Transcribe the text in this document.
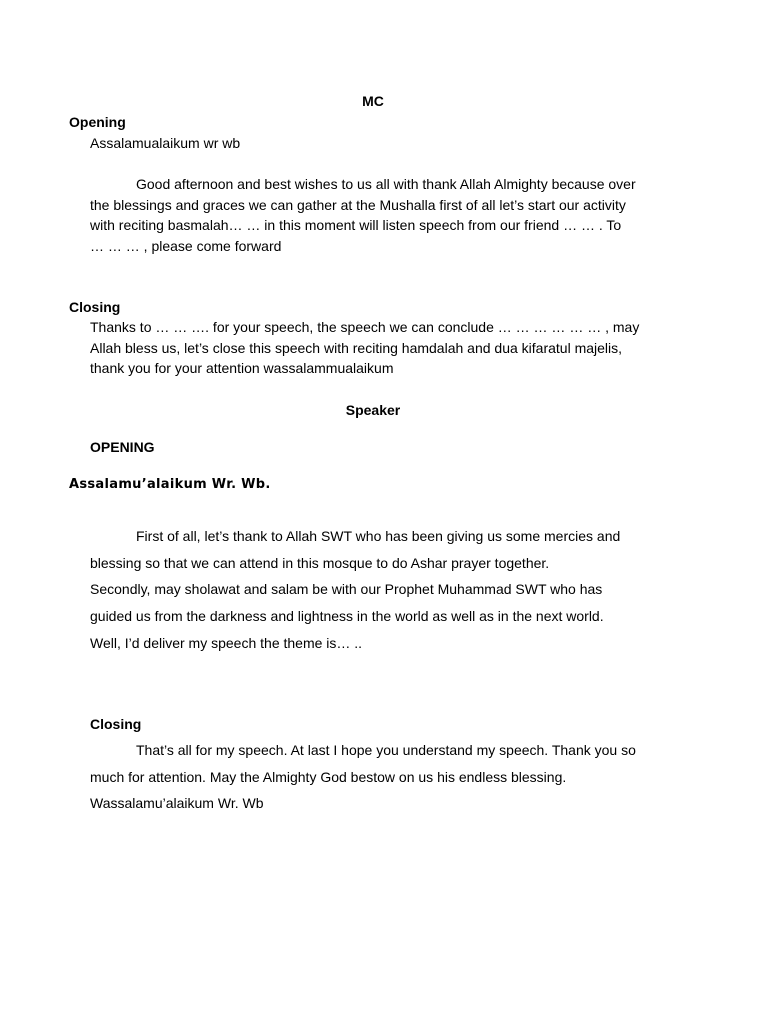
MC

Opening

Assalamualaikum wr wb

Good afternoon and best wishes to us all with thank Allah Almighty because over
the blessings and graces we can gather at the Mushalla first of all let’s start our activity
with reciting basmalah… … in this moment will listen speech from our friend … … . To
… … … , please come forward

Closing

Thanks to … … …. for your speech, the speech we can conclude … … … … … … , may
Allah bless us, let’s close this speech with reciting hamdalah and dua kifaratul majelis,
thank you for your attention wassalammualaikum

Speaker

OPENING

Assalamu’alaikum Wr. Wb.

First of all, let’s thank to Allah SWT who has been giving us some mercies and
blessing so that we can attend in this mosque to do Ashar prayer together.
Secondly, may sholawat and salam be with our Prophet Muhammad SWT who has
guided us from the darkness and lightness in the world as well as in the next world.
Well, I’d deliver my speech the theme is… ..

Closing

That’s all for my speech. At last I hope you understand my speech. Thank you so
much for attention. May the Almighty God bestow on us his endless blessing.
Wassalamu’alaikum Wr. Wb
